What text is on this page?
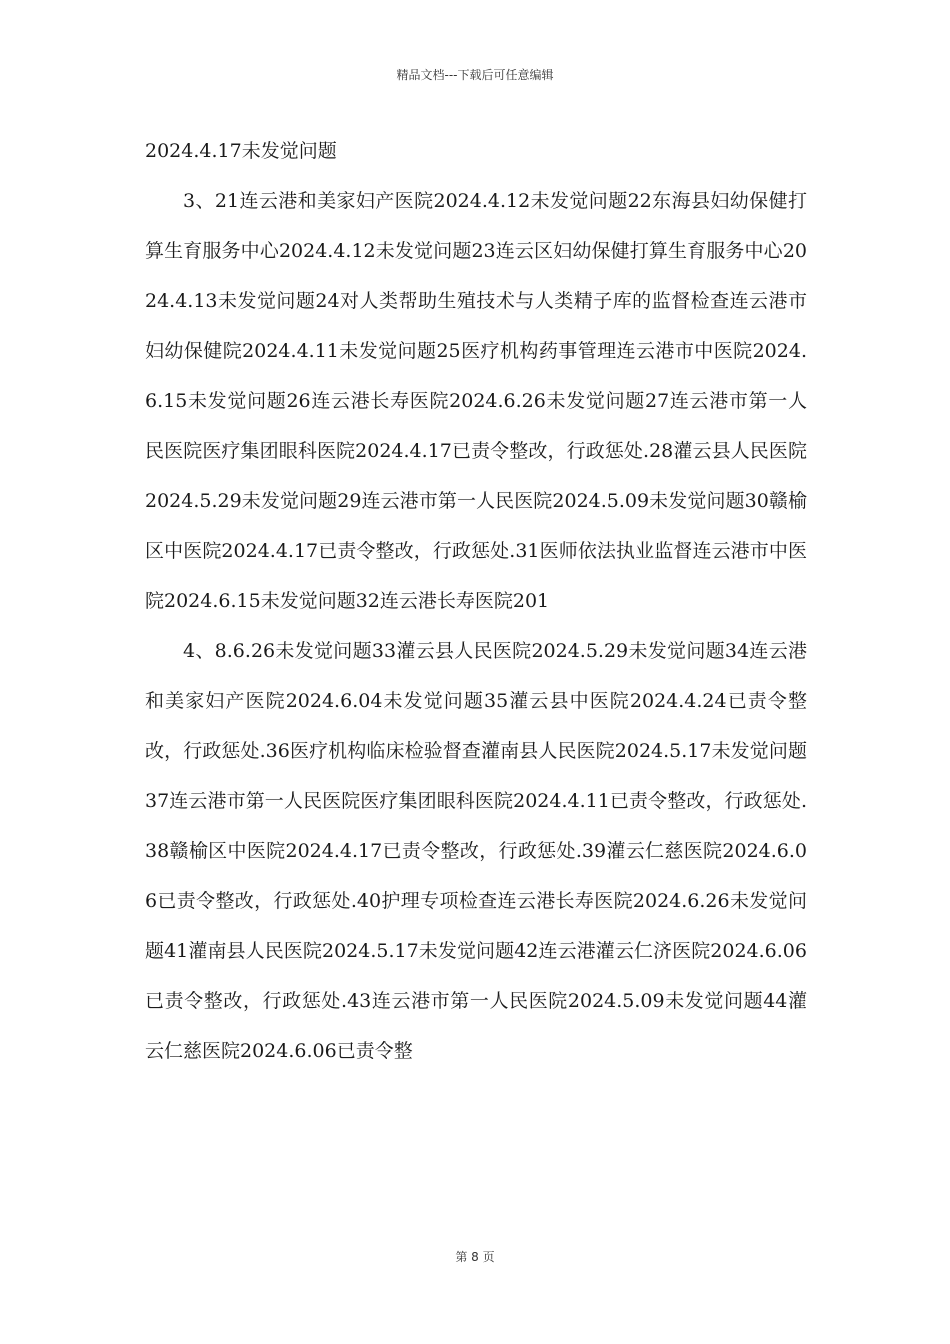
精品文档---下载后可任意编辑

2024.4.17未发觉问题

3、21连云港和美家妇产医院2024.4.12未发觉问题22东海县妇幼保健打算生育服务中心2024.4.12未发觉问题23连云区妇幼保健打算生育服务中心2024.4.13未发觉问题24对人类帮助生殖技术与人类精子库的监督检查连云港市妇幼保健院2024.4.11未发觉问题25医疗机构药事管理连云港市中医院2024.6.15未发觉问题26连云港长寿医院2024.6.26未发觉问题27连云港市第一人民医院医疗集团眼科医院2024.4.17已责令整改，行政惩处.28灌云县人民医院2024.5.29未发觉问题29连云港市第一人民医院2024.5.09未发觉问题30赣榆区中医院2024.4.17已责令整改，行政惩处.31医师依法执业监督连云港市中医院2024.6.15未发觉问题32连云港长寿医院201

4、8.6.26未发觉问题33灌云县人民医院2024.5.29未发觉问题34连云港和美家妇产医院2024.6.04未发觉问题35灌云县中医院2024.4.24已责令整改，行政惩处.36医疗机构临床检验督查灌南县人民医院2024.5.17未发觉问题37连云港市第一人民医院医疗集团眼科医院2024.4.11已责令整改，行政惩处.38赣榆区中医院2024.4.17已责令整改，行政惩处.39灌云仁慈医院2024.6.06已责令整改，行政惩处.40护理专项检查连云港长寿医院2024.6.26未发觉问题41灌南县人民医院2024.5.17未发觉问题42连云港灌云仁济医院2024.6.06已责令整改，行政惩处.43连云港市第一人民医院2024.5.09未发觉问题44灌云仁慈医院2024.6.06已责令整

第 8 页
